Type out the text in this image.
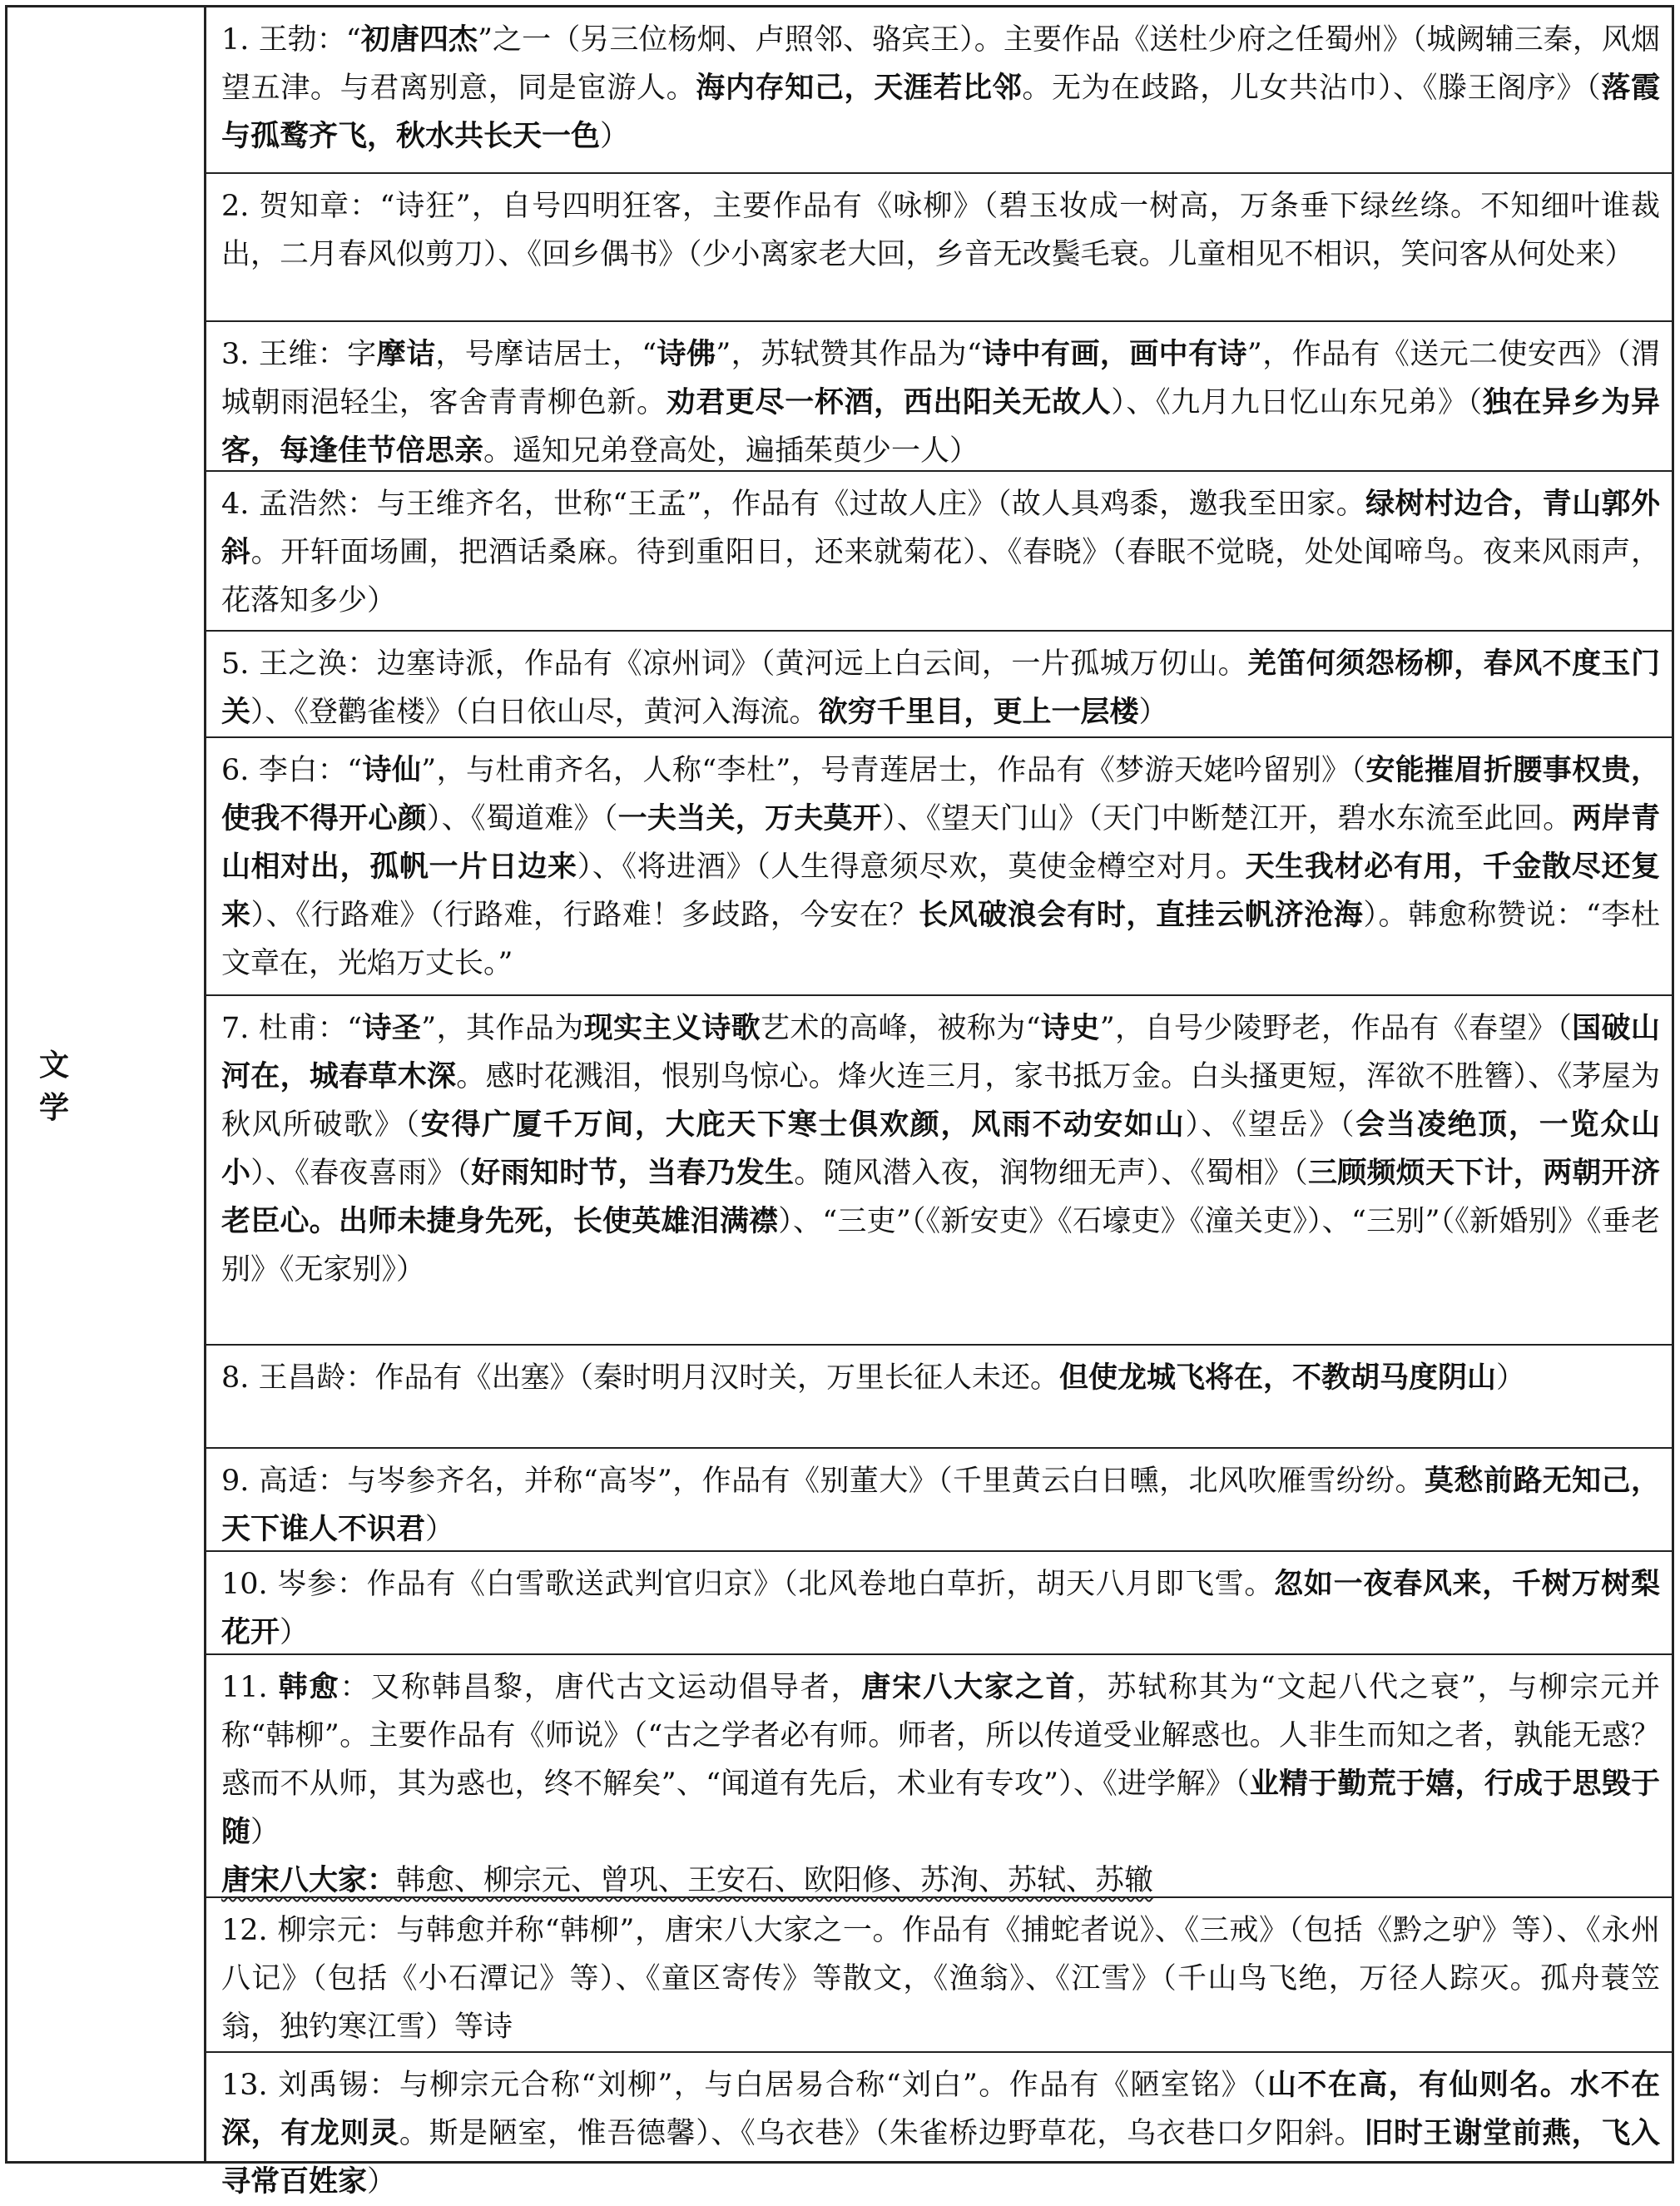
文 学
1. 王勃：“初唐四杰”之一（另三位杨炯、卢照邻、骆宾王）。主要作品《送杜少府之任蜀州》（城阙辅三秦，风烟望五津。与君离别意，同是宦游人。海内存知己，天涯若比邻。无为在歧路，儿女共沾巾）、《滕王阁序》（落霞与孤鹜齐飞，秋水共长天一色）
2. 贺知章：“诗狂”，自号四明狂客，主要作品有《咏柳》（碧玉妆成一树高，万条垂下绿丝绦。不知细叶谁裁出，二月春风似剪刀）、《回乡偶书》（少小离家老大回，乡音无改鬓毛衰。儿童相见不相识，笑问客从何处来）
3. 王维：字摩诘，号摩诘居士，“诗佛”，苏轼赞其作品为“诗中有画，画中有诗”，作品有《送元二使安西》（渭城朝雨浥轻尘，客舍青青柳色新。劝君更尽一杯酒，西出阳关无故人）、《九月九日忆山东兄弟》（独在异乡为异客，每逢佳节倍思亲。遥知兄弟登高处，遍插茱萸少一人）
4. 孟浩然：与王维齐名，世称“王孟”，作品有《过故人庄》（故人具鸡黍，邀我至田家。绿树村边合，青山郭外斜。开轩面场圃，把酒话桑麻。待到重阳日，还来就菊花）、《春晓》（春眠不觉晓，处处闻啼鸟。夜来风雨声，花落知多少）
5. 王之涣：边塞诗派，作品有《凉州词》（黄河远上白云间，一片孤城万仞山。羌笛何须怨杨柳，春风不度玉门关）、《登鹳雀楼》（白日依山尽，黄河入海流。欲穷千里目，更上一层楼）
6. 李白：“诗仙”，与杜甫齐名，人称“李杜”，号青莲居士，作品有《梦游天姥吟留别》（安能摧眉折腰事权贵，使我不得开心颜）、《蜀道难》（一夫当关，万夫莫开）、《望天门山》（天门中断楚江开，碧水东流至此回。两岸青山相对出，孤帆一片日边来）、《将进酒》（人生得意须尽欢，莫使金樽空对月。天生我材必有用，千金散尽还复来）、《行路难》（行路难，行路难！多歧路，今安在？长风破浪会有时，直挂云帆济沧海）。韩愈称赞说：“李杜文章在，光焰万丈长。”
7. 杜甫：“诗圣”，其作品为现实主义诗歌艺术的高峰，被称为“诗史”，自号少陵野老，作品有《春望》（国破山河在，城春草木深。感时花溅泪，恨别鸟惊心。烽火连三月，家书抵万金。白头搔更短，浑欲不胜簪）、《茅屋为秋风所破歌》（安得广厦千万间，大庇天下寒士俱欢颜，风雨不动安如山）、《望岳》（会当凌绝顶，一览众山小）、《春夜喜雨》（好雨知时节，当春乃发生。随风潜入夜，润物细无声）、《蜀相》（三顾频烦天下计，两朝开济老臣心。出师未捷身先死，长使英雄泪满襟）、“三吏”（《新安吏》《石壕吏》《潼关吏》）、“三别”（《新婚别》《垂老别》《无家别》）
8. 王昌龄：作品有《出塞》（秦时明月汉时关，万里长征人未还。但使龙城飞将在，不教胡马度阴山）
9. 高适：与岑参齐名，并称“高岑”，作品有《别董大》（千里黄云白日曛，北风吹雁雪纷纷。莫愁前路无知己，天下谁人不识君）
10. 岑参：作品有《白雪歌送武判官归京》（北风卷地白草折，胡天八月即飞雪。忽如一夜春风来，千树万树梨花开）
11. 韩愈：又称韩昌黎，唐代古文运动倡导者，唐宋八大家之首，苏轼称其为“文起八代之衰”，与柳宗元并称“韩柳”。主要作品有《师说》（“古之学者必有师。师者，所以传道受业解惑也。人非生而知之者，孰能无惑？惑而不从师，其为惑也，终不解矣”、“闻道有先后，术业有专攻”）、《进学解》（业精于勤荒于嬉，行成于思毁于随）
唐宋八大家：韩愈、柳宗元、曾巩、王安石、欧阳修、苏洵、苏轼、苏辙
12. 柳宗元：与韩愈并称“韩柳”，唐宋八大家之一。作品有《捕蛇者说》、《三戒》（包括《黔之驴》等）、《永州八记》（包括《小石潭记》等）、《童区寄传》等散文，《渔翁》、《江雪》（千山鸟飞绝，万径人踪灭。孤舟蓑笠翁，独钓寒江雪）等诗
13. 刘禹锡：与柳宗元合称“刘柳”，与白居易合称“刘白”。作品有《陋室铭》（山不在高，有仙则名。水不在深，有龙则灵。斯是陋室，惟吾德馨）、《乌衣巷》（朱雀桥边野草花，乌衣巷口夕阳斜。旧时王谢堂前燕，飞入寻常百姓家）
